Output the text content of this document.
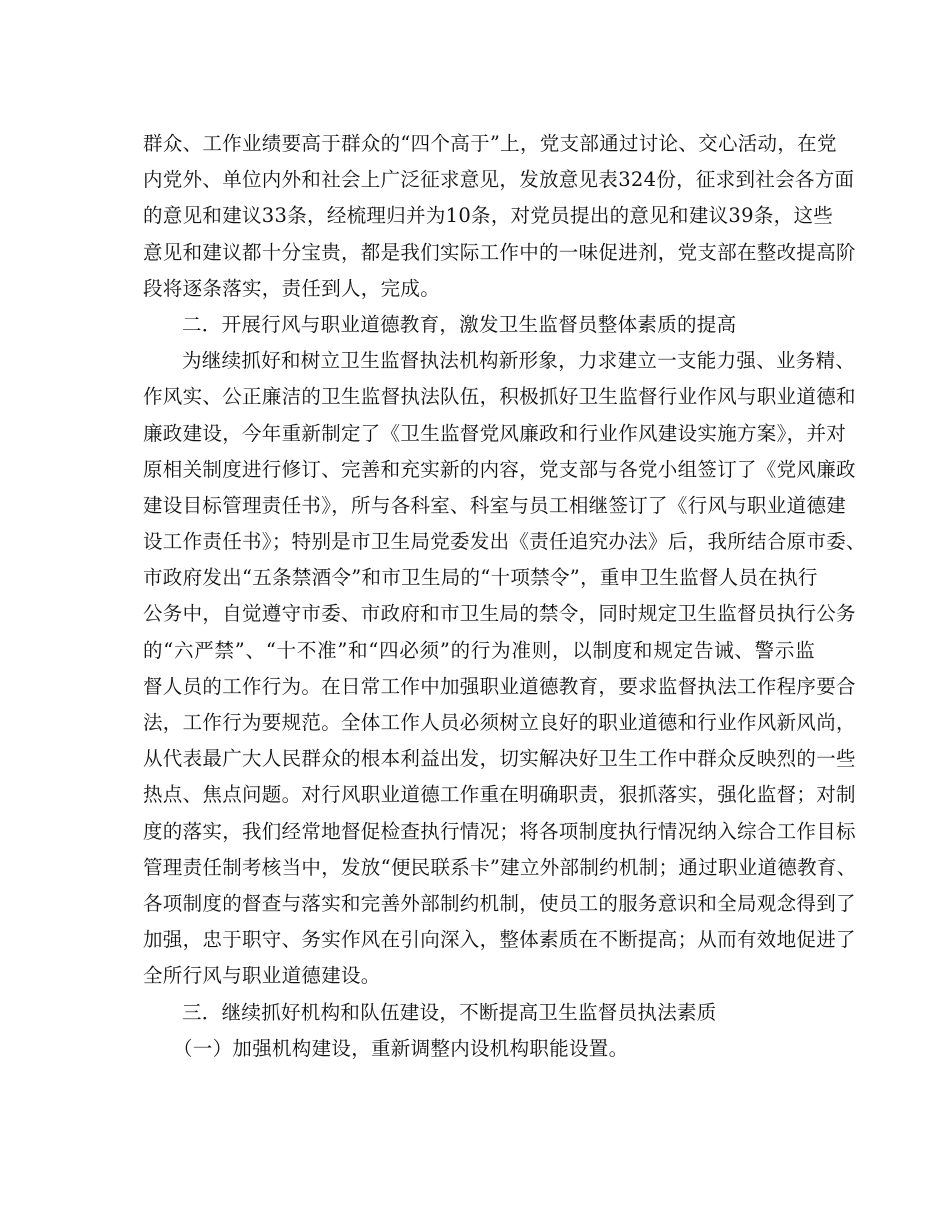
群众、工作业绩要高于群众的“四个高于”上，党支部通过讨论、交心活动，在党
内党外、单位内外和社会上广泛征求意见，发放意见表324份，征求到社会各方面
的意见和建议33条，经梳理归并为10条，对党员提出的意见和建议39条，这些
意见和建议都十分宝贵，都是我们实际工作中的一味促进剂，党支部在整改提高阶
段将逐条落实，责任到人，完成。
二．开展行风与职业道德教育，激发卫生监督员整体素质的提高
为继续抓好和树立卫生监督执法机构新形象，力求建立一支能力强、业务精、
作风实、公正廉洁的卫生监督执法队伍，积极抓好卫生监督行业作风与职业道德和
廉政建设，今年重新制定了《卫生监督党风廉政和行业作风建设实施方案》，并对
原相关制度进行修订、完善和充实新的内容，党支部与各党小组签订了《党风廉政
建设目标管理责任书》，所与各科室、科室与员工相继签订了《行风与职业道德建
设工作责任书》；特别是市卫生局党委发出《责任追究办法》后，我所结合原市委、
市政府发出“五条禁酒令”和市卫生局的“十项禁令”，重申卫生监督人员在执行
公务中，自觉遵守市委、市政府和市卫生局的禁令，同时规定卫生监督员执行公务
的“六严禁”、“十不准”和“四必须”的行为准则，以制度和规定告诫、警示监
督人员的工作行为。在日常工作中加强职业道德教育，要求监督执法工作程序要合
法，工作行为要规范。全体工作人员必须树立良好的职业道德和行业作风新风尚，
从代表最广大人民群众的根本利益出发，切实解决好卫生工作中群众反映烈的一些
热点、焦点问题。对行风职业道德工作重在明确职责，狠抓落实，强化监督；对制
度的落实，我们经常地督促检查执行情况；将各项制度执行情况纳入综合工作目标
管理责任制考核当中，发放“便民联系卡”建立外部制约机制；通过职业道德教育、
各项制度的督查与落实和完善外部制约机制，使员工的服务意识和全局观念得到了
加强，忠于职守、务实作风在引向深入，整体素质在不断提高；从而有效地促进了
全所行风与职业道德建设。
三．继续抓好机构和队伍建设，不断提高卫生监督员执法素质
（一）加强机构建设，重新调整内设机构职能设置。
